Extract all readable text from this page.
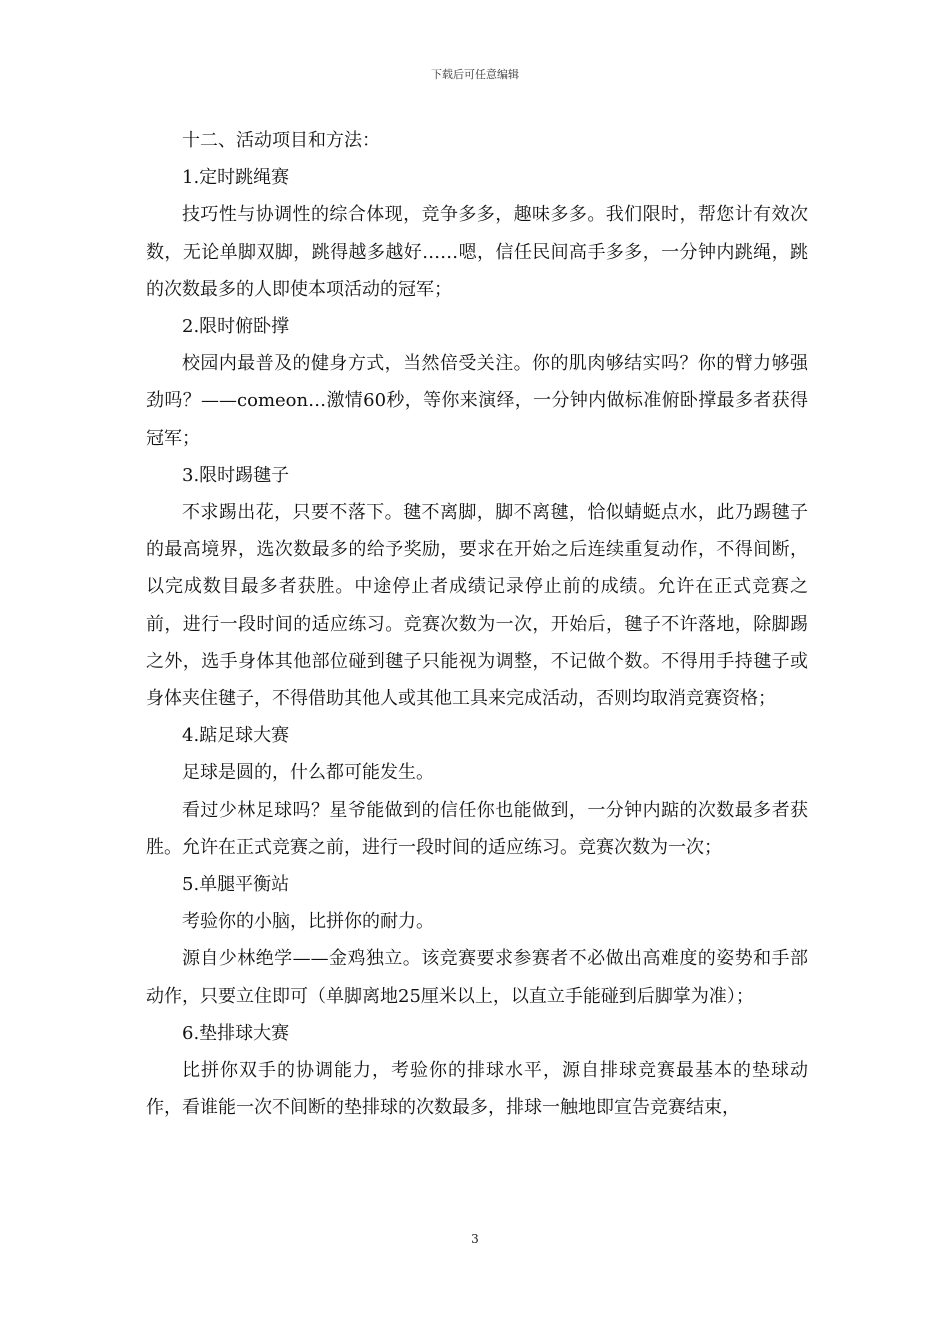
下载后可任意编辑

十二、活动项目和方法：

1.定时跳绳赛

技巧性与协调性的综合体现，竞争多多，趣味多多。我们限时，帮您计有效次数，无论单脚双脚，跳得越多越好……嗯，信任民间高手多多，一分钟内跳绳，跳的次数最多的人即使本项活动的冠军；

2.限时俯卧撑

校园内最普及的健身方式，当然倍受关注。你的肌肉够结实吗？你的臂力够强劲吗？——comeon…激情60秒，等你来演绎，一分钟内做标准俯卧撑最多者获得冠军；

3.限时踢毽子

不求踢出花，只要不落下。毽不离脚，脚不离毽，恰似蜻蜓点水，此乃踢毽子的最高境界，选次数最多的给予奖励，要求在开始之后连续重复动作，不得间断，以完成数目最多者获胜。中途停止者成绩记录停止前的成绩。允许在正式竞赛之前，进行一段时间的适应练习。竞赛次数为一次，开始后，毽子不许落地，除脚踢之外，选手身体其他部位碰到毽子只能视为调整，不记做个数。不得用手持毽子或身体夹住毽子，不得借助其他人或其他工具来完成活动，否则均取消竞赛资格；

4.踮足球大赛

足球是圆的，什么都可能发生。

看过少林足球吗？星爷能做到的信任你也能做到，一分钟内踮的次数最多者获胜。允许在正式竞赛之前，进行一段时间的适应练习。竞赛次数为一次；

5.单腿平衡站

考验你的小脑，比拼你的耐力。

源自少林绝学——金鸡独立。该竞赛要求参赛者不必做出高难度的姿势和手部动作，只要立住即可（单脚离地25厘米以上，以直立手能碰到后脚掌为准）；

6.垫排球大赛

比拼你双手的协调能力，考验你的排球水平，源自排球竞赛最基本的垫球动作，看谁能一次不间断的垫排球的次数最多，排球一触地即宣告竞赛结束，

3
